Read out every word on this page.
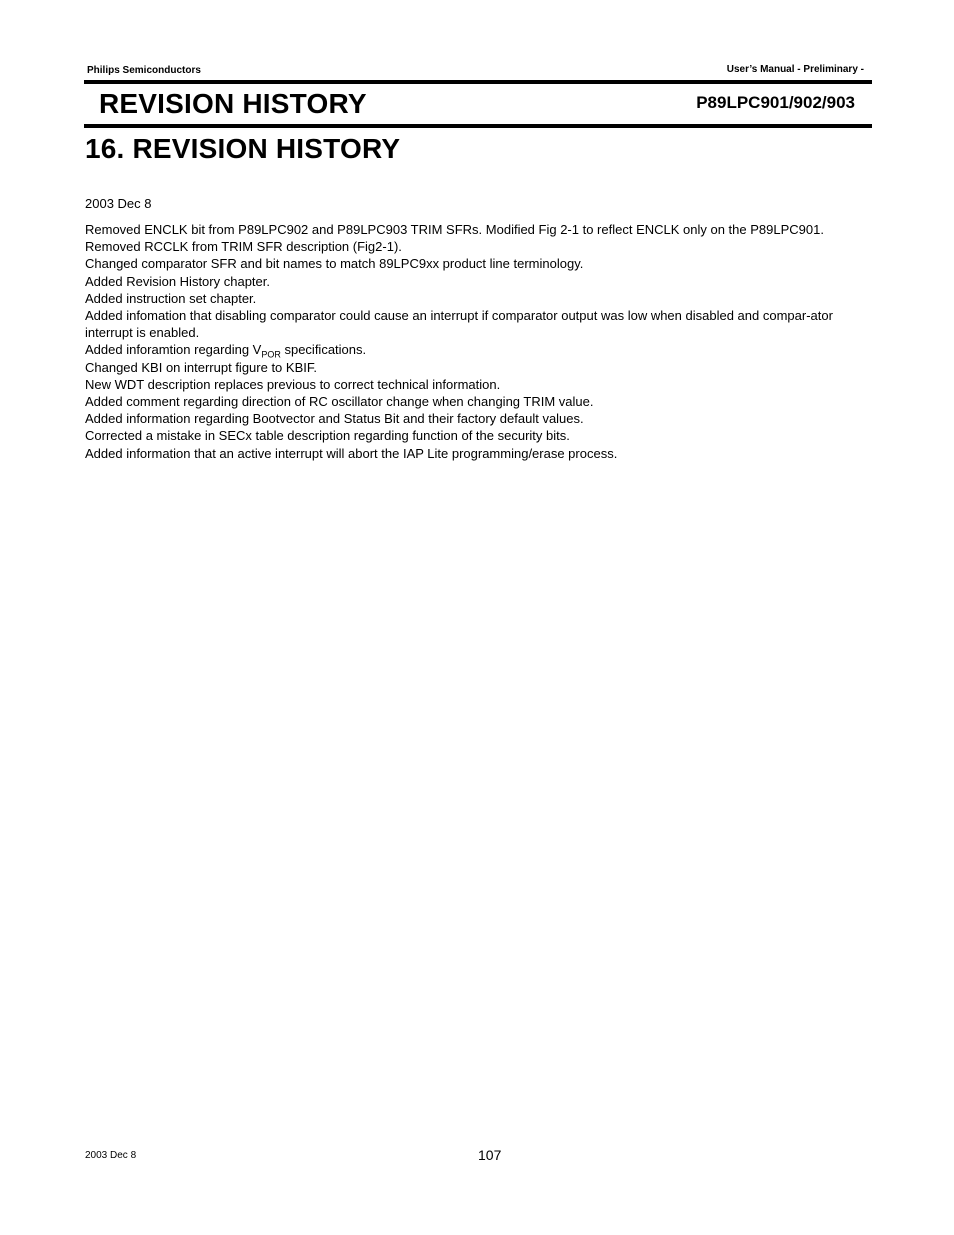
Philips Semiconductors	User’s Manual - Preliminary -
REVISION HISTORY	P89LPC901/902/903
16. REVISION HISTORY
2003 Dec 8
Removed ENCLK bit from P89LPC902 and P89LPC903 TRIM SFRs. Modified Fig 2-1 to reflect ENCLK only on the P89LPC901. Removed RCCLK from TRIM SFR description (Fig2-1).
Changed comparator SFR and bit names to match 89LPC9xx product line terminology.
Added Revision History chapter.
Added instruction set chapter.
Added infomation that disabling comparator could cause an interrupt if comparator output was low when disabled and compar-ator interrupt is enabled.
Added inforamtion regarding $V_{POR}$ specifications.
Changed KBI on interrupt figure to KBIF.
New WDT description replaces previous to correct technical information.
Added comment regarding direction of RC oscillator change when changing TRIM value.
Added information regarding Bootvector and Status Bit and their factory default values.
Corrected a mistake in SECx table description regarding function of the security bits.
Added information that an active interrupt will abort the IAP Lite programming/erase process.
2003 Dec 8	107
